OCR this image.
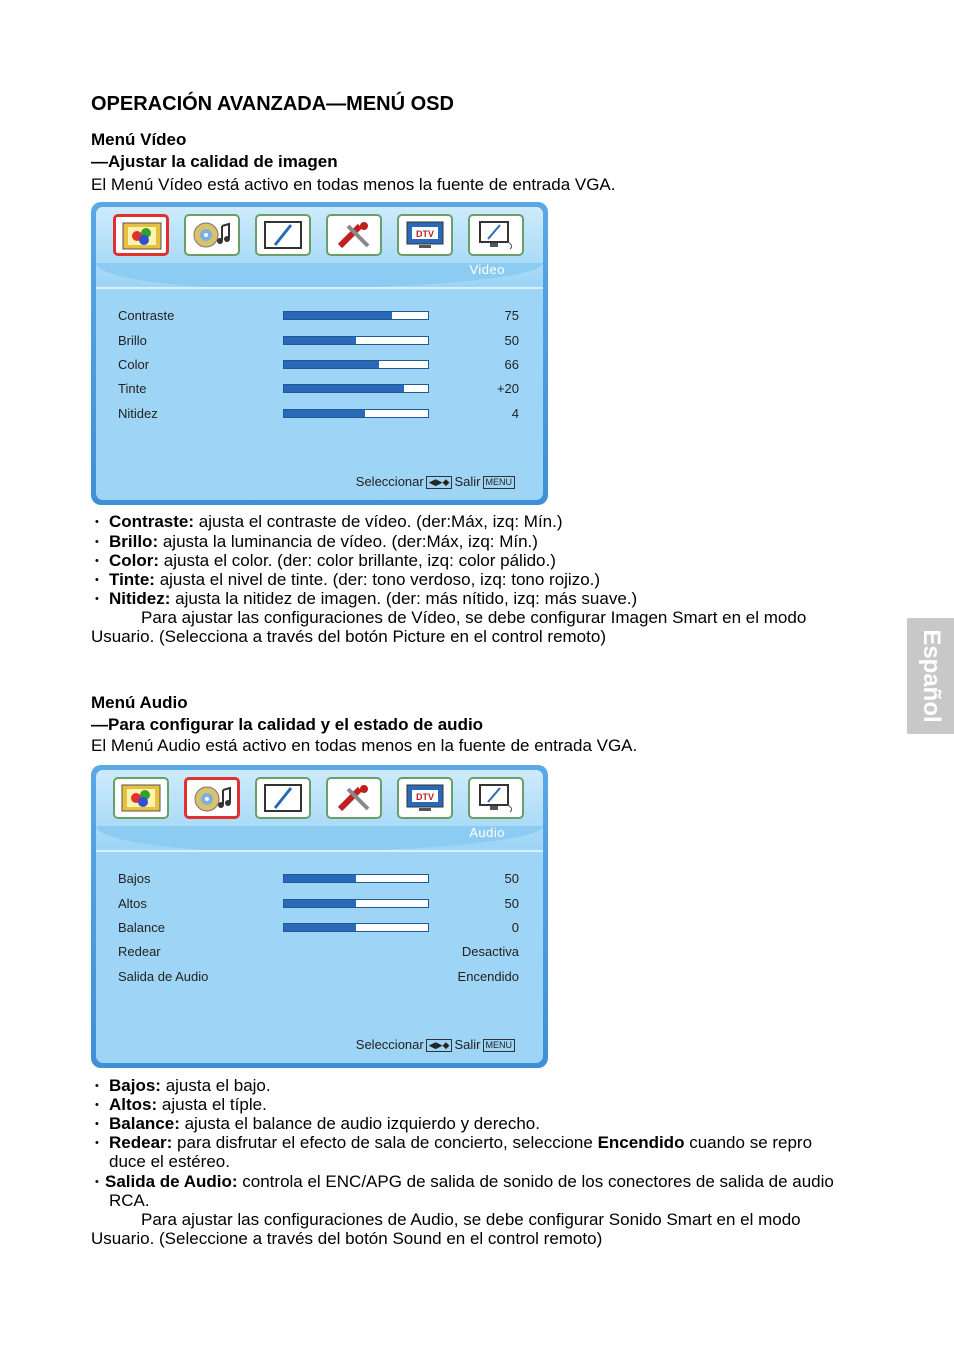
OPERACIÓN AVANZADA—MENÚ OSD
Español
Menú Vídeo
—Ajustar la calidad de imagen
El Menú Vídeo está activo en todas menos la fuente de entrada VGA.
DTV
Video
Contraste	75
Brillo	50
Color	66
Tinte	+20
Nitidez	4
Seleccionar ◀▶◆ Salir MENU
• Contraste: ajusta el contraste de vídeo. (der:Máx, izq: Mín.)
• Brillo: ajusta la luminancia de vídeo. (der:Máx, izq: Mín.)
• Color: ajusta el color. (der: color brillante, izq: color pálido.)
• Tinte: ajusta el nivel de tinte. (der: tono verdoso, izq: tono rojizo.)
• Nitidez: ajusta la nitidez de imagen. (der: más nítido, izq: más suave.)
Para ajustar las configuraciones de Vídeo, se debe configurar Imagen Smart en el modo
Usuario. (Selecciona a través del botón Picture en el control remoto)
Menú Audio
—Para configurar la calidad y el estado de audio
El Menú Audio está activo en todas menos en la fuente de entrada VGA.
DTV
Audio
Bajos	50
Altos	50
Balance	0
Redear	Desactiva
Salida de Audio	Encendido
Seleccionar ◀▶◆ Salir MENU
• Bajos: ajusta el bajo.
• Altos: ajusta el típle.
• Balance: ajusta el balance de audio izquierdo y derecho.
• Redear: para disfrutar el efecto de sala de concierto, seleccione Encendido cuando se repro
duce el estéreo.
• Salida de Audio: controla el ENC/APG de salida de sonido de los conectores de salida de audio
RCA.
Para ajustar las configuraciones de Audio, se debe configurar Sonido Smart en el modo
Usuario. (Seleccione a través del botón Sound en el control remoto)
